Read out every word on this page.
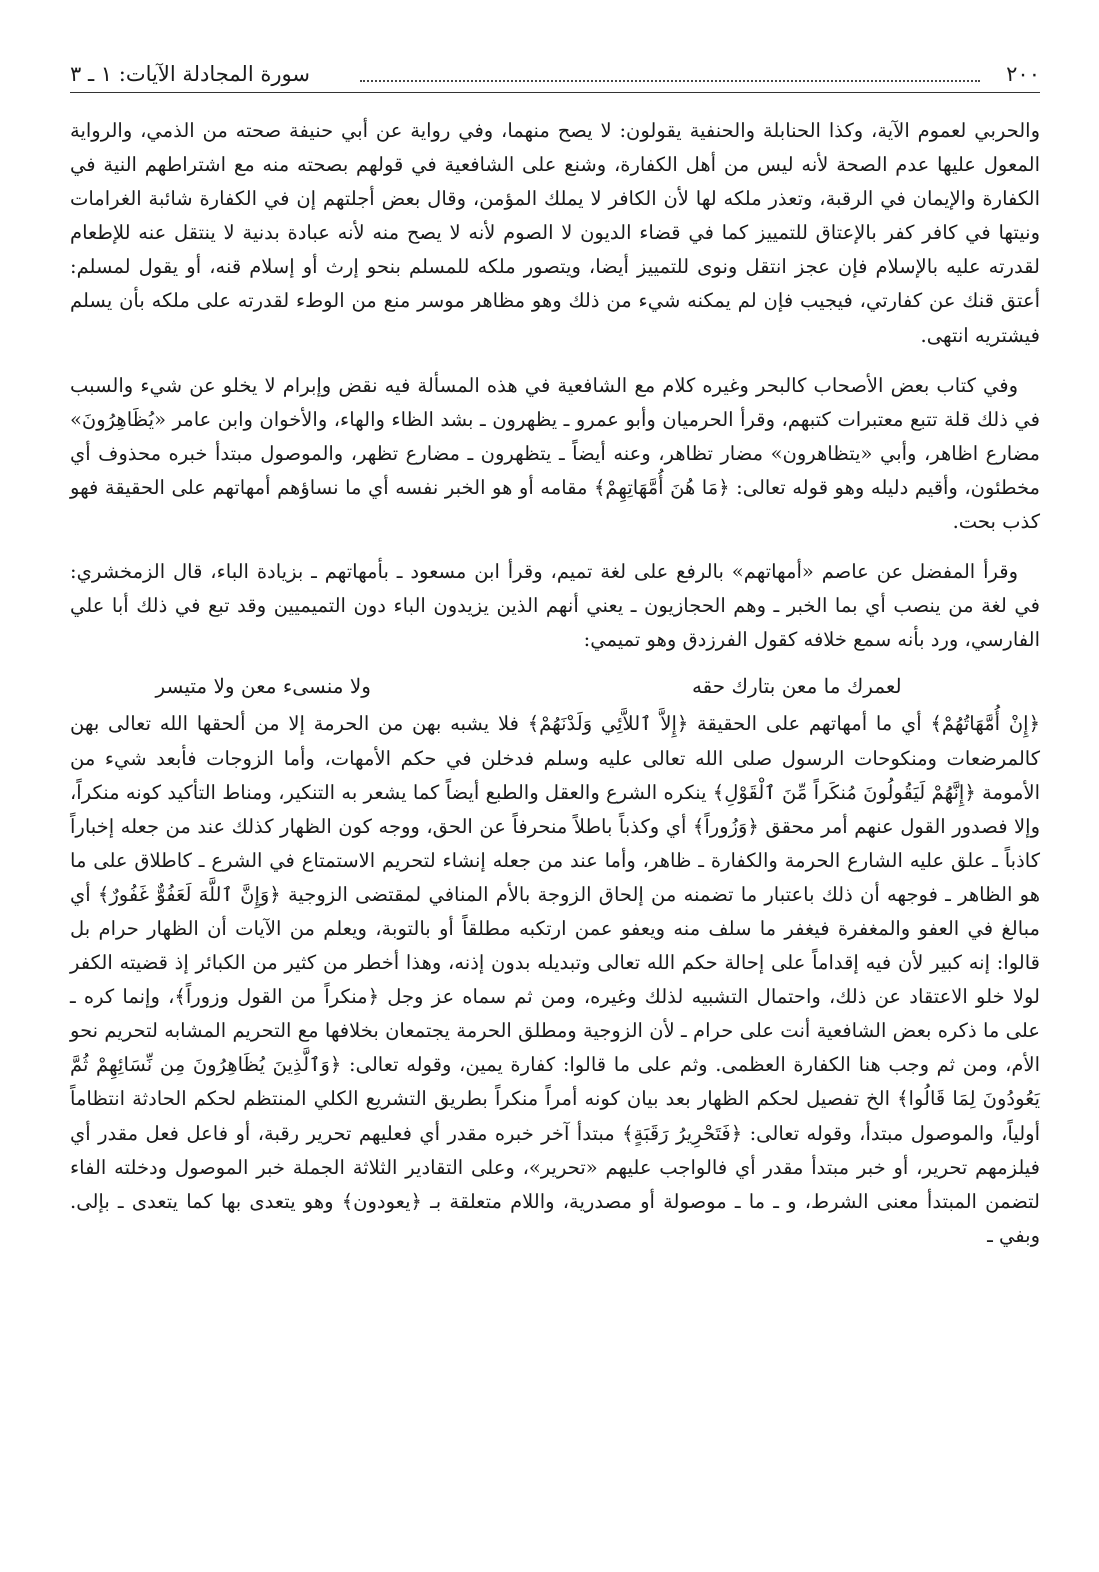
٢٠٠
سورة المجادلة الآيات: ١ ـ ٣

والحربي لعموم الآية، وكذا الحنابلة والحنفية يقولون: لا يصح منهما، وفي رواية عن أبي حنيفة صحته من الذمي، والرواية المعول عليها عدم الصحة لأنه ليس من أهل الكفارة، وشنع على الشافعية في قولهم بصحته منه مع اشتراطهم النية في الكفارة والإيمان في الرقبة، وتعذر ملكه لها لأن الكافر لا يملك المؤمن، وقال بعض أجلتهم إن في الكفارة شائبة الغرامات ونيتها في كافر كفر بالإعتاق للتمييز كما في قضاء الديون لا الصوم لأنه لا يصح منه لأنه عبادة بدنية لا ينتقل عنه للإطعام لقدرته عليه بالإسلام فإن عجز انتقل ونوى للتمييز أيضا، ويتصور ملكه للمسلم بنحو إرث أو إسلام قنه، أو يقول لمسلم: أعتق قنك عن كفارتي، فيجيب فإن لم يمكنه شيء من ذلك وهو مظاهر موسر منع من الوطء لقدرته على ملكه بأن يسلم فيشتريه انتهى.

وفي كتاب بعض الأصحاب كالبحر وغيره كلام مع الشافعية في هذه المسألة فيه نقض وإبرام لا يخلو عن شيء والسبب في ذلك قلة تتبع معتبرات كتبهم، وقرأ الحرميان وأبو عمرو ـ يظهرون ـ بشد الظاء والهاء، والأخوان وابن عامر «يُظَاهِرُونَ» مضارع اظاهر، وأبي «يتظاهرون» مضار تظاهر، وعنه أيضاً ـ يتظهرون ـ مضارع تظهر، والموصول مبتدأ خبره محذوف أي مخطئون، وأقيم دليله وهو قوله تعالى: ﴿مَا هُنَ أُمَّهَاتِهِمْ﴾ مقامه أو هو الخبر نفسه أي ما نساؤهم أمهاتهم على الحقيقة فهو كذب بحت.

وقرأ المفضل عن عاصم «أمهاتهم» بالرفع على لغة تميم، وقرأ ابن مسعود ـ بأمهاتهم ـ بزيادة الباء، قال الزمخشري: في لغة من ينصب أي بما الخبر ـ وهم الحجازيون ـ يعني أنهم الذين يزيدون الباء دون التميميين وقد تبع في ذلك أبا علي الفارسي، ورد بأنه سمع خلافه كقول الفرزدق وهو تميمي:

لعمرك ما معن بتارك حقه
ولا منسىء معن ولا متيسر

﴿إِنْ أُمَّهَاتُهُمْ﴾ أي ما أمهاتهم على الحقيقة ﴿إِلاَّ ٱللاَّئِي وَلَدْنَهُمْ﴾ فلا يشبه بهن من الحرمة إلا من ألحقها الله تعالى بهن كالمرضعات ومنكوحات الرسول صلى الله تعالى عليه وسلم فدخلن في حكم الأمهات، وأما الزوجات فأبعد شيء من الأمومة ﴿إِنَّهُمْ لَيَقُولُونَ مُنكَراً مِّنَ ٱلْقَوْلِ﴾ ينكره الشرع والعقل والطبع أيضاً كما يشعر به التنكير، ومناط التأكيد كونه منكراً، وإلا فصدور القول عنهم أمر محقق ﴿وَزُوراً﴾ أي وكذباً باطلاً منحرفاً عن الحق، ووجه كون الظهار كذلك عند من جعله إخباراً كاذباً ـ علق عليه الشارع الحرمة والكفارة ـ ظاهر، وأما عند من جعله إنشاء لتحريم الاستمتاع في الشرع ـ كاطلاق على ما هو الظاهر ـ فوجهه أن ذلك باعتبار ما تضمنه من إلحاق الزوجة بالأم المنافي لمقتضى الزوجية ﴿وَإِنَّ ٱللَّهَ لَعَفُوٌّ غَفُورٌ﴾ أي مبالغ في العفو والمغفرة فيغفر ما سلف منه ويعفو عمن ارتكبه مطلقاً أو بالتوبة، ويعلم من الآيات أن الظهار حرام بل قالوا: إنه كبير لأن فيه إقداماً على إحالة حكم الله تعالى وتبديله بدون إذنه، وهذا أخطر من كثير من الكبائر إذ قضيته الكفر لولا خلو الاعتقاد عن ذلك، واحتمال التشبيه لذلك وغيره، ومن ثم سماه عز وجل ﴿منكراً من القول وزوراً﴾، وإنما كره ـ على ما ذكره بعض الشافعية أنت على حرام ـ لأن الزوجية ومطلق الحرمة يجتمعان بخلافها مع التحريم المشابه لتحريم نحو الأم، ومن ثم وجب هنا الكفارة العظمى. وثم على ما قالوا: كفارة يمين، وقوله تعالى: ﴿وَٱلَّذِينَ يُظَاهِرُونَ مِن نِّسَائِهِمْ ثُمَّ يَعُودُونَ لِمَا قَالُوا﴾ الخ تفصيل لحكم الظهار بعد بيان كونه أمراً منكراً بطريق التشريع الكلي المنتظم لحكم الحادثة انتظاماً أولياً، والموصول مبتدأ، وقوله تعالى: ﴿فَتَحْرِيرُ رَقَبَةٍ﴾ مبتدأ آخر خبره مقدر أي فعليهم تحرير رقبة، أو فاعل فعل مقدر أي فيلزمهم تحرير، أو خبر مبتدأ مقدر أي فالواجب عليهم «تحرير»، وعلى التقادير الثلاثة الجملة خبر الموصول ودخلته الفاء لتضمن المبتدأ معنى الشرط، و ـ ما ـ موصولة أو مصدرية، واللام متعلقة بـ ﴿يعودون﴾ وهو يتعدى بها كما يتعدى ـ بإلى. وبفي ـ
